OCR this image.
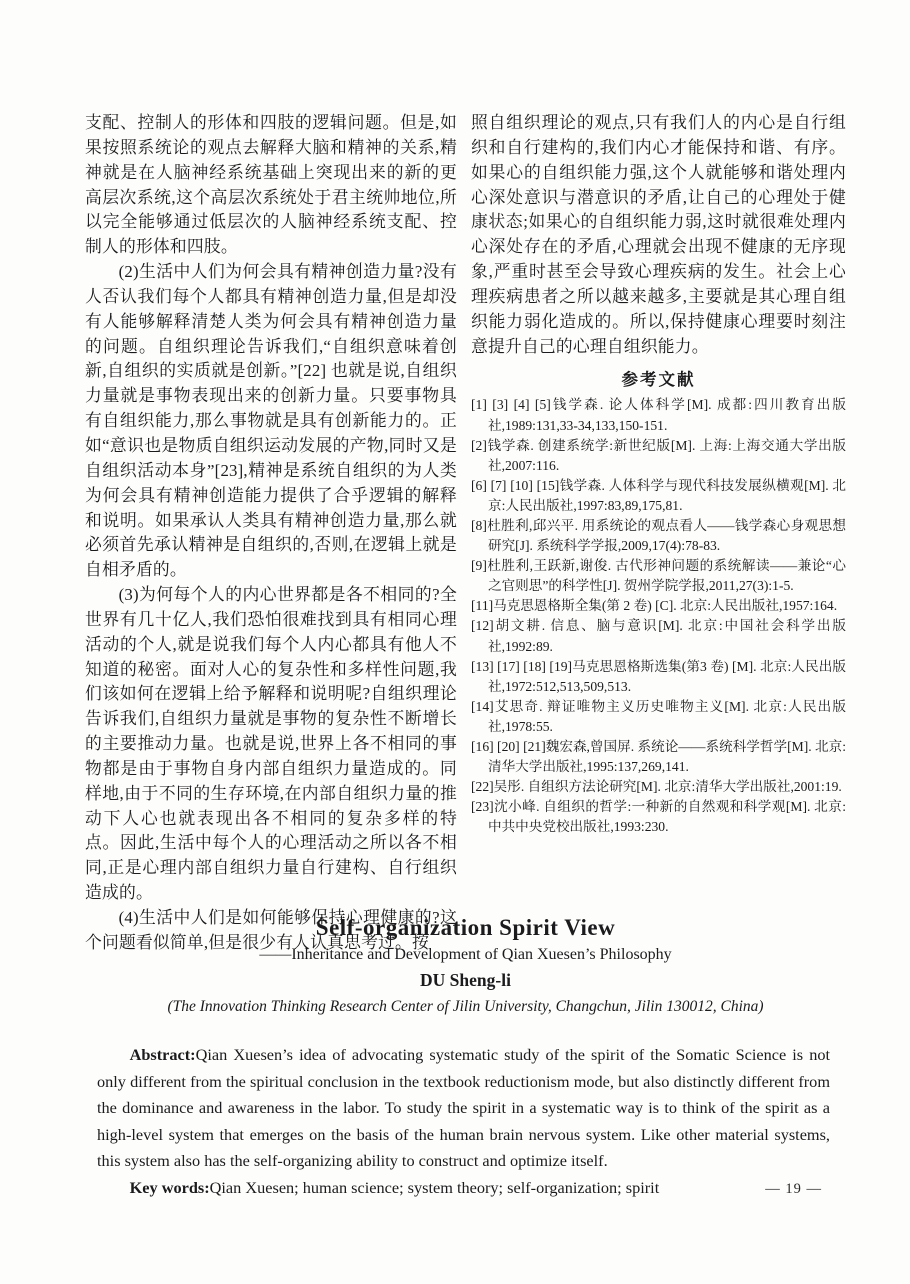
支配、控制人的形体和四肢的逻辑问题。但是,如果按照系统论的观点去解释大脑和精神的关系,精神就是在人脑神经系统基础上突现出来的新的更高层次系统,这个高层次系统处于君主统帅地位,所以完全能够通过低层次的人脑神经系统支配、控制人的形体和四肢。

(2)生活中人们为何会具有精神创造力量?没有人否认我们每个人都具有精神创造力量,但是却没有人能够解释清楚人类为何会具有精神创造力量的问题。自组织理论告诉我们,“自组织意味着创新,自组织的实质就是创新。”[22] 也就是说,自组织力量就是事物表现出来的创新力量。只要事物具有自组织能力,那么事物就是具有创新能力的。正如“意识也是物质自组织运动发展的产物,同时又是自组织活动本身”[23],精神是系统自组织的为人类为何会具有精神创造能力提供了合乎逻辑的解释和说明。如果承认人类具有精神创造力量,那么就必须首先承认精神是自组织的,否则,在逻辑上就是自相矛盾的。

(3)为何每个人的内心世界都是各不相同的?全世界有几十亿人,我们恐怕很难找到具有相同心理活动的个人,就是说我们每个人内心都具有他人不知道的秘密。面对人心的复杂性和多样性问题,我们该如何在逻辑上给予解释和说明呢?自组织理论告诉我们,自组织力量就是事物的复杂性不断增长的主要推动力量。也就是说,世界上各不相同的事物都是由于事物自身内部自组织力量造成的。同样地,由于不同的生存环境,在内部自组织力量的推动下人心也就表现出各不相同的复杂多样的特点。因此,生活中每个人的心理活动之所以各不相同,正是心理内部自组织力量自行建构、自行组织造成的。

(4)生活中人们是如何能够保持心理健康的?这个问题看似简单,但是很少有人认真思考过。按

照自组织理论的观点,只有我们人的内心是自行组织和自行建构的,我们内心才能保持和谐、有序。如果心的自组织能力强,这个人就能够和谐处理内心深处意识与潜意识的矛盾,让自己的心理处于健康状态;如果心的自组织能力弱,这时就很难处理内心深处存在的矛盾,心理就会出现不健康的无序现象,严重时甚至会导致心理疾病的发生。社会上心理疾病患者之所以越来越多,主要就是其心理自组织能力弱化造成的。所以,保持健康心理要时刻注意提升自己的心理自组织能力。

参考文献
[1] [3] [4] [5]钱学森. 论人体科学[M]. 成都:四川教育出版社,1989:131,33-34,133,150-151.
[2]钱学森. 创建系统学:新世纪版[M]. 上海:上海交通大学出版社,2007:116.
[6] [7] [10] [15]钱学森. 人体科学与现代科技发展纵横观[M]. 北京:人民出版社,1997:83,89,175,81.
[8]杜胜利,邱兴平. 用系统论的观点看人——钱学森心身观思想研究[J]. 系统科学学报,2009,17(4):78-83.
[9]杜胜利,王跃新,谢俊. 古代形神问题的系统解读——兼论“心之官则思”的科学性[J]. 贺州学院学报,2011,27(3):1-5.
[11]马克思恩格斯全集(第 2 卷) [C]. 北京:人民出版社,1957:164.
[12]胡文耕. 信息、脑与意识[M]. 北京:中国社会科学出版社,1992:89.
[13] [17] [18] [19]马克思恩格斯选集(第3 卷) [M]. 北京:人民出版社,1972:512,513,509,513.
[14]艾思奇. 辩证唯物主义历史唯物主义[M]. 北京:人民出版社,1978:55.
[16] [20] [21]魏宏森,曾国屏. 系统论——系统科学哲学[M]. 北京:清华大学出版社,1995:137,269,141.
[22]吴彤. 自组织方法论研究[M]. 北京:清华大学出版社,2001:19.
[23]沈小峰. 自组织的哲学:一种新的自然观和科学观[M]. 北京:中共中央党校出版社,1993:230.
Self-organization Spirit View

——Inheritance and Development of Qian Xuesen’s Philosophy

DU Sheng-li

(The Innovation Thinking Research Center of Jilin University, Changchun, Jilin 130012, China)

Abstract:Qian Xuesen’s idea of advocating systematic study of the spirit of the Somatic Science is not only different from the spiritual conclusion in the textbook reductionism mode, but also distinctly different from the dominance and awareness in the labor. To study the spirit in a systematic way is to think of the spirit as a high-level system that emerges on the basis of the human brain nervous system. Like other material systems, this system also has the self-organizing ability to construct and optimize itself.

Key words:Qian Xuesen; human science; system theory; self-organization; spirit	— 19 —
